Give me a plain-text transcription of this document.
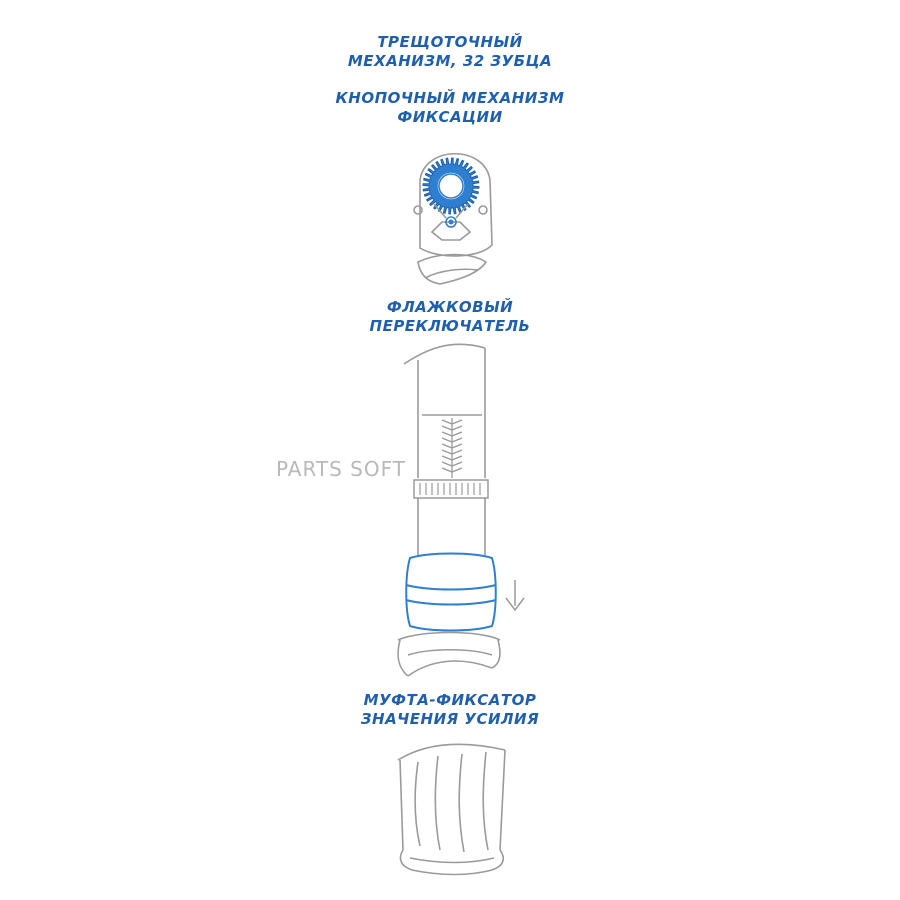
ТРЕЩОТОЧНЫЙ
МЕХАНИЗМ, 32 ЗУБЦА
КНОПОЧНЫЙ МЕХАНИЗМ
ФИКСАЦИИ
ФЛАЖКОВЫЙ
ПЕРЕКЛЮЧАТЕЛЬ
МУФТА-ФИКСАТОР
ЗНАЧЕНИЯ УСИЛИЯ
PARTS SOFT
